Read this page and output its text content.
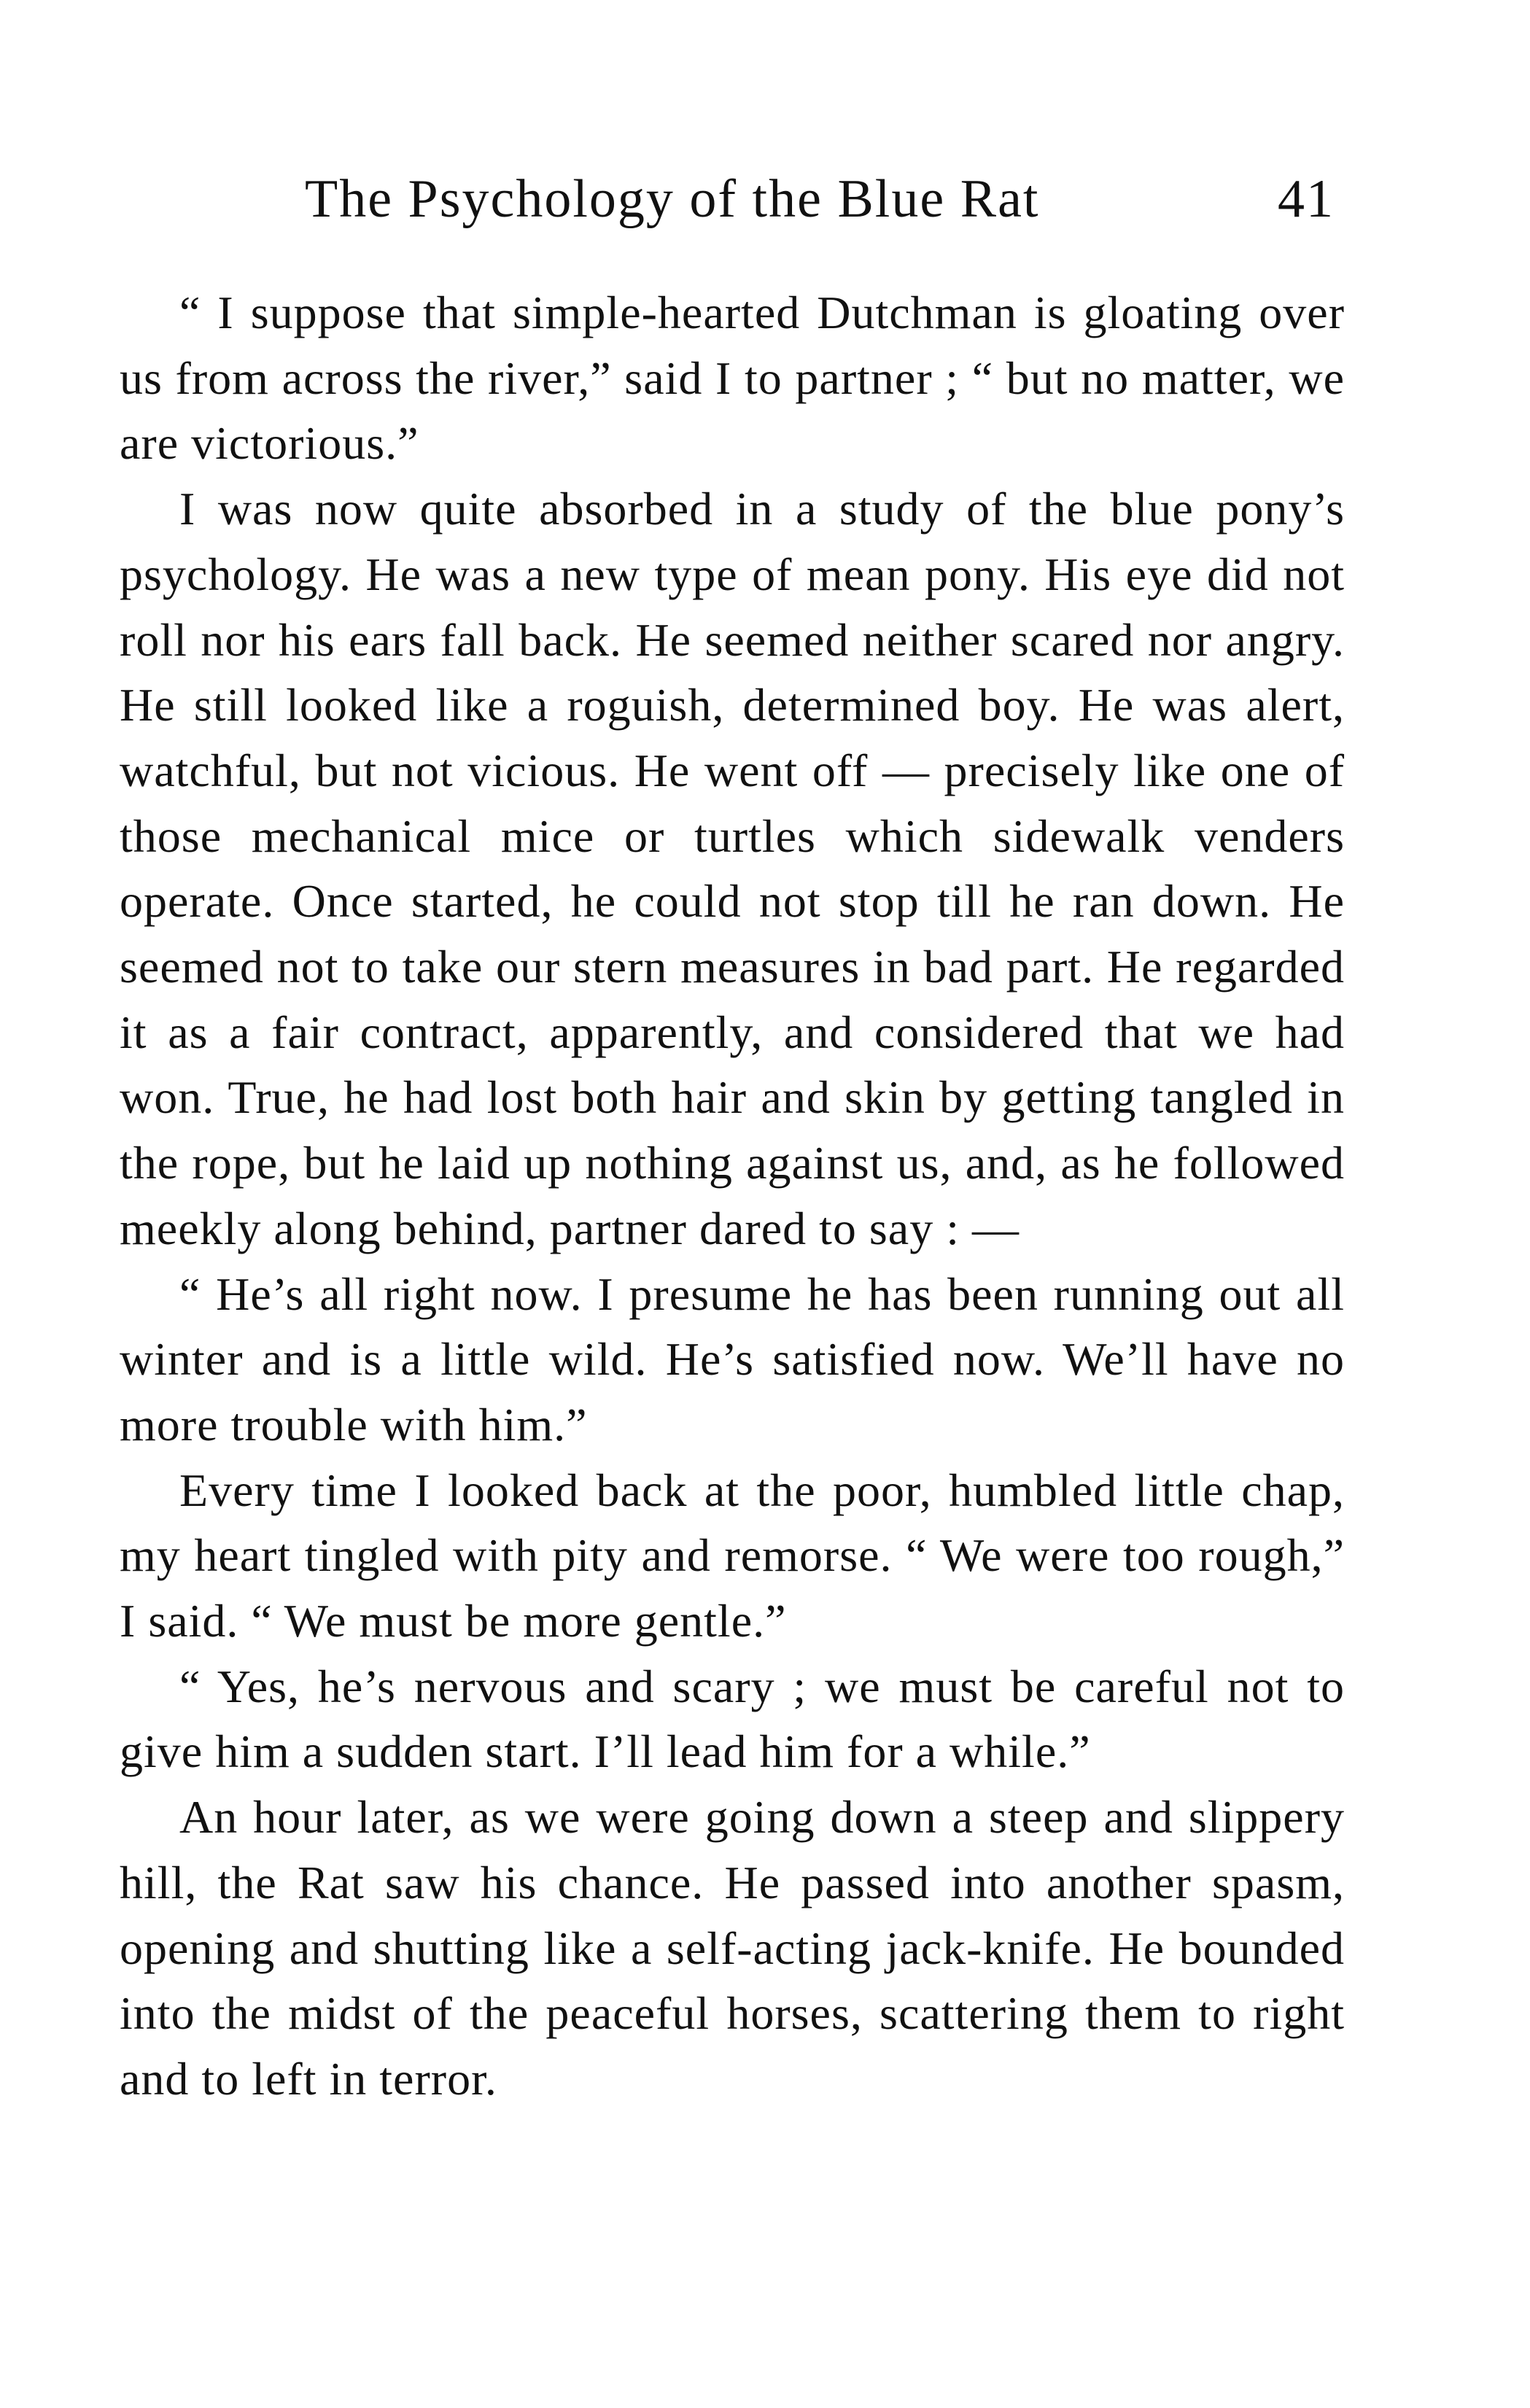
The Psychology of the Blue Rat	41

“ I suppose that simple-hearted Dutchman is gloating over us from across the river,” said I to partner ; “ but no matter, we are victorious.”

I was now quite absorbed in a study of the blue pony’s psychology. He was a new type of mean pony. His eye did not roll nor his ears fall back. He seemed neither scared nor angry. He still looked like a roguish, determined boy. He was alert, watchful, but not vicious. He went off — precisely like one of those mechanical mice or turtles which sidewalk venders operate. Once started, he could not stop till he ran down. He seemed not to take our stern measures in bad part. He regarded it as a fair contract, apparently, and considered that we had won. True, he had lost both hair and skin by getting tangled in the rope, but he laid up nothing against us, and, as he followed meekly along behind, partner dared to say : —

“ He’s all right now. I presume he has been running out all winter and is a little wild. He’s satisfied now. We’ll have no more trouble with him.”

Every time I looked back at the poor, humbled little chap, my heart tingled with pity and remorse. “ We were too rough,” I said. “ We must be more gentle.”

“ Yes, he’s nervous and scary ; we must be careful not to give him a sudden start. I’ll lead him for a while.”

An hour later, as we were going down a steep and slippery hill, the Rat saw his chance. He passed into another spasm, opening and shutting like a self-acting jack-knife. He bounded into the midst of the peaceful horses, scattering them to right and to left in terror.
